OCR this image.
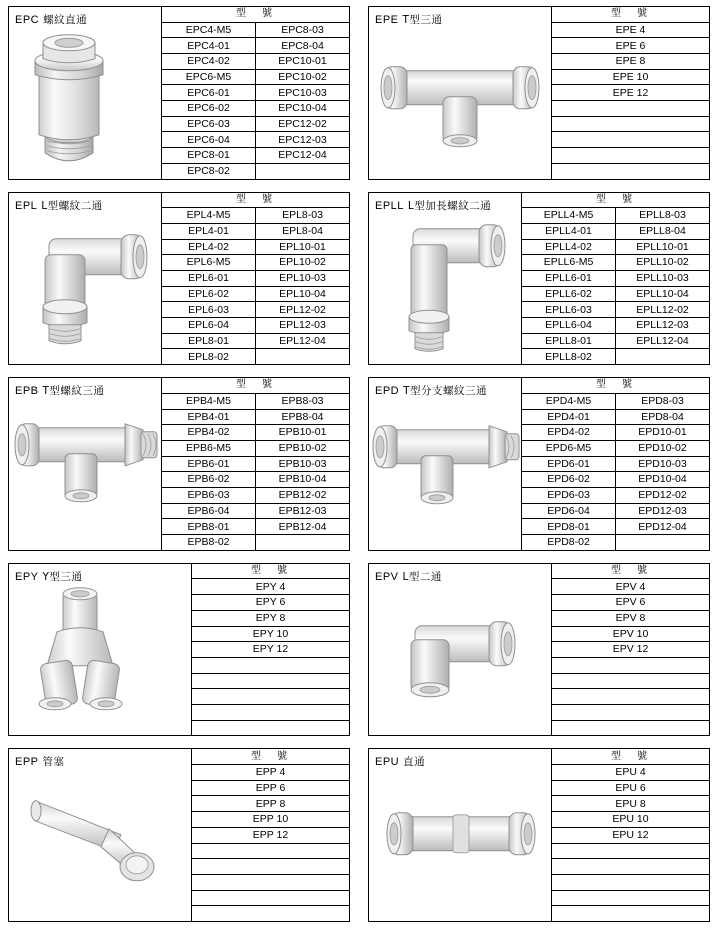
EPC 螺紋直通
型　號	
EPC4-M5	EPC8-03
EPC4-01	EPC8-04
EPC4-02	EPC10-01
EPC6-M5	EPC10-02
EPC6-01	EPC10-03
EPC6-02	EPC10-04
EPC6-03	EPC12-02
EPC6-04	EPC12-03
EPC8-01	EPC12-04
EPC8-02	
EPE T型三通
型　號
EPE 4
EPE 6
EPE 8
EPE 10
EPE 12

EPL L型螺紋二通
型　號	
EPL4-M5	EPL8-03
EPL4-01	EPL8-04
EPL4-02	EPL10-01
EPL6-M5	EPL10-02
EPL6-01	EPL10-03
EPL6-02	EPL10-04
EPL6-03	EPL12-02
EPL6-04	EPL12-03
EPL8-01	EPL12-04
EPL8-02	
EPLL L型加長螺紋二通
型　號	
EPLL4-M5	EPLL8-03
EPLL4-01	EPLL8-04
EPLL4-02	EPLL10-01
EPLL6-M5	EPLL10-02
EPLL6-01	EPLL10-03
EPLL6-02	EPLL10-04
EPLL6-03	EPLL12-02
EPLL6-04	EPLL12-03
EPLL8-01	EPLL12-04
EPLL8-02	
EPB T型螺紋三通
型　號	
EPB4-M5	EPB8-03
EPB4-01	EPB8-04
EPB4-02	EPB10-01
EPB6-M5	EPB10-02
EPB6-01	EPB10-03
EPB6-02	EPB10-04
EPB6-03	EPB12-02
EPB6-04	EPB12-03
EPB8-01	EPB12-04
EPB8-02	
EPD T型分支螺紋三通
型　號	
EPD4-M5	EPD8-03
EPD4-01	EPD8-04
EPD4-02	EPD10-01
EPD6-M5	EPD10-02
EPD6-01	EPD10-03
EPD6-02	EPD10-04
EPD6-03	EPD12-02
EPD6-04	EPD12-03
EPD8-01	EPD12-04
EPD8-02	
EPY Y型三通
型　號
EPY 4
EPY 6
EPY 8
EPY 10
EPY 12

EPV L型二通
型　號
EPV 4
EPV 6
EPV 8
EPV 10
EPV 12

EPP 管塞
型　號
EPP 4
EPP 6
EPP 8
EPP 10
EPP 12

EPU 直通
型　號
EPU 4
EPU 6
EPU 8
EPU 10
EPU 12
